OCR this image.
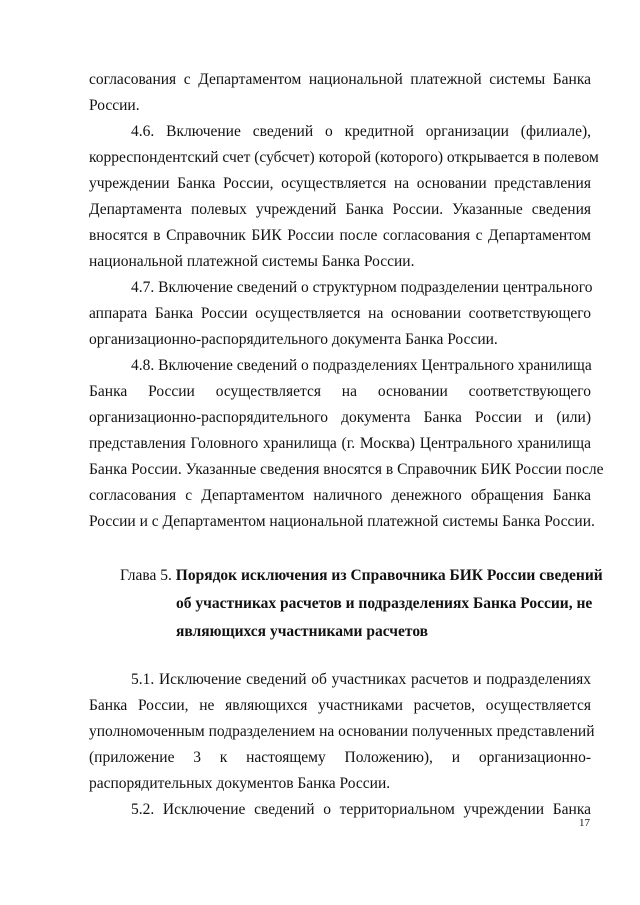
согласования с Департаментом национальной платежной системы Банка
России.
4.6. Включение сведений о кредитной организации (филиале),
корреспондентский счет (субсчет) которой (которого) открывается в полевом
учреждении Банка России, осуществляется на основании представления
Департамента полевых учреждений Банка России. Указанные сведения
вносятся в Справочник БИК России после согласования с Департаментом
национальной платежной системы Банка России.
4.7. Включение сведений о структурном подразделении центрального
аппарата Банка России осуществляется на основании соответствующего
организационно-распорядительного документа Банка России.
4.8. Включение сведений о подразделениях Центрального хранилища
Банка России осуществляется на основании соответствующего
организационно-распорядительного документа Банка России и (или)
представления Головного хранилища (г. Москва) Центрального хранилища
Банка России. Указанные сведения вносятся в Справочник БИК России после
согласования с Департаментом наличного денежного обращения Банка
России и с Департаментом национальной платежной системы Банка России.
Глава 5. Порядок исключения из Справочника БИК России сведений
об участниках расчетов и подразделениях Банка России, не
являющихся участниками расчетов
5.1. Исключение сведений об участниках расчетов и подразделениях
Банка России, не являющихся участниками расчетов, осуществляется
уполномоченным подразделением на основании полученных представлений
(приложение 3 к настоящему Положению), и организационно-
распорядительных документов Банка России.
5.2. Исключение сведений о территориальном учреждении Банка
17
